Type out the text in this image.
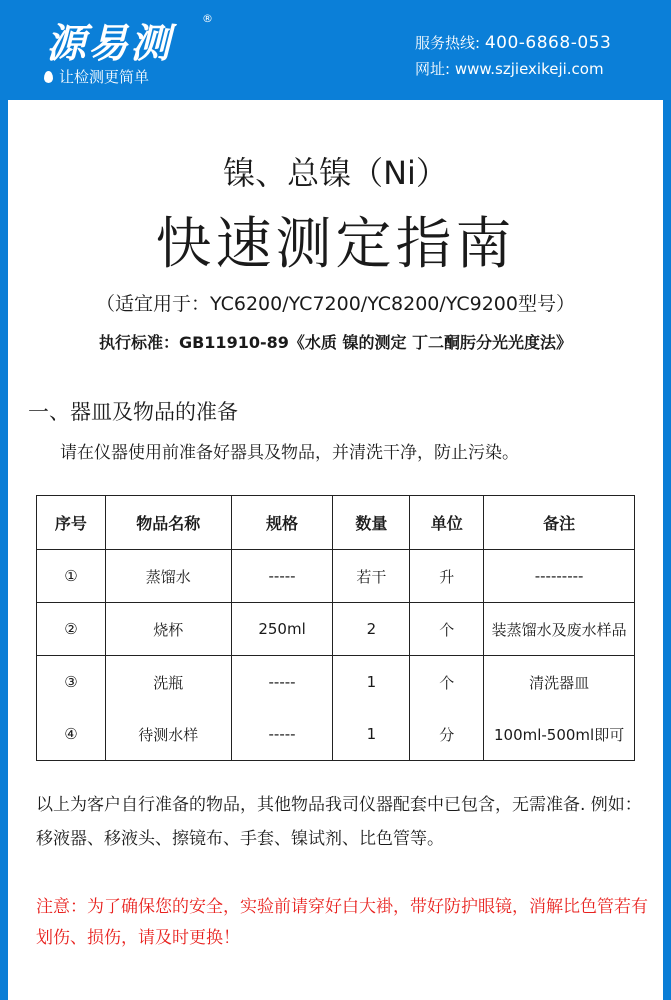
源易测
®
让检测更简单
服务热线: 400-6868-053
网址: www.szjiexikeji.com
镍、总镍（Ni）
快速测定指南
（适宜用于：YC6200/YC7200/YC8200/YC9200型号）
执行标准：GB11910-89《水质 镍的测定 丁二酮肟分光光度法》
一、器皿及物品的准备
请在仪器使用前准备好器具及物品，并清洗干净，防止污染。
序号	物品名称	规格	数量	单位	备注
①	蒸馏水	-----	若干	升	---------
②	烧杯	250ml	2	个	装蒸馏水及废水样品
③	洗瓶	-----	1	个	清洗器皿
④	待测水样	-----	1	分	100ml-500ml即可
以上为客户自行准备的物品，其他物品我司仪器配套中已包含，无需准备. 例如：移液器、移液头、擦镜布、手套、镍试剂、比色管等。
注意：为了确保您的安全，实验前请穿好白大褂，带好防护眼镜，消解比色管若有划伤、损伤，请及时更换！
